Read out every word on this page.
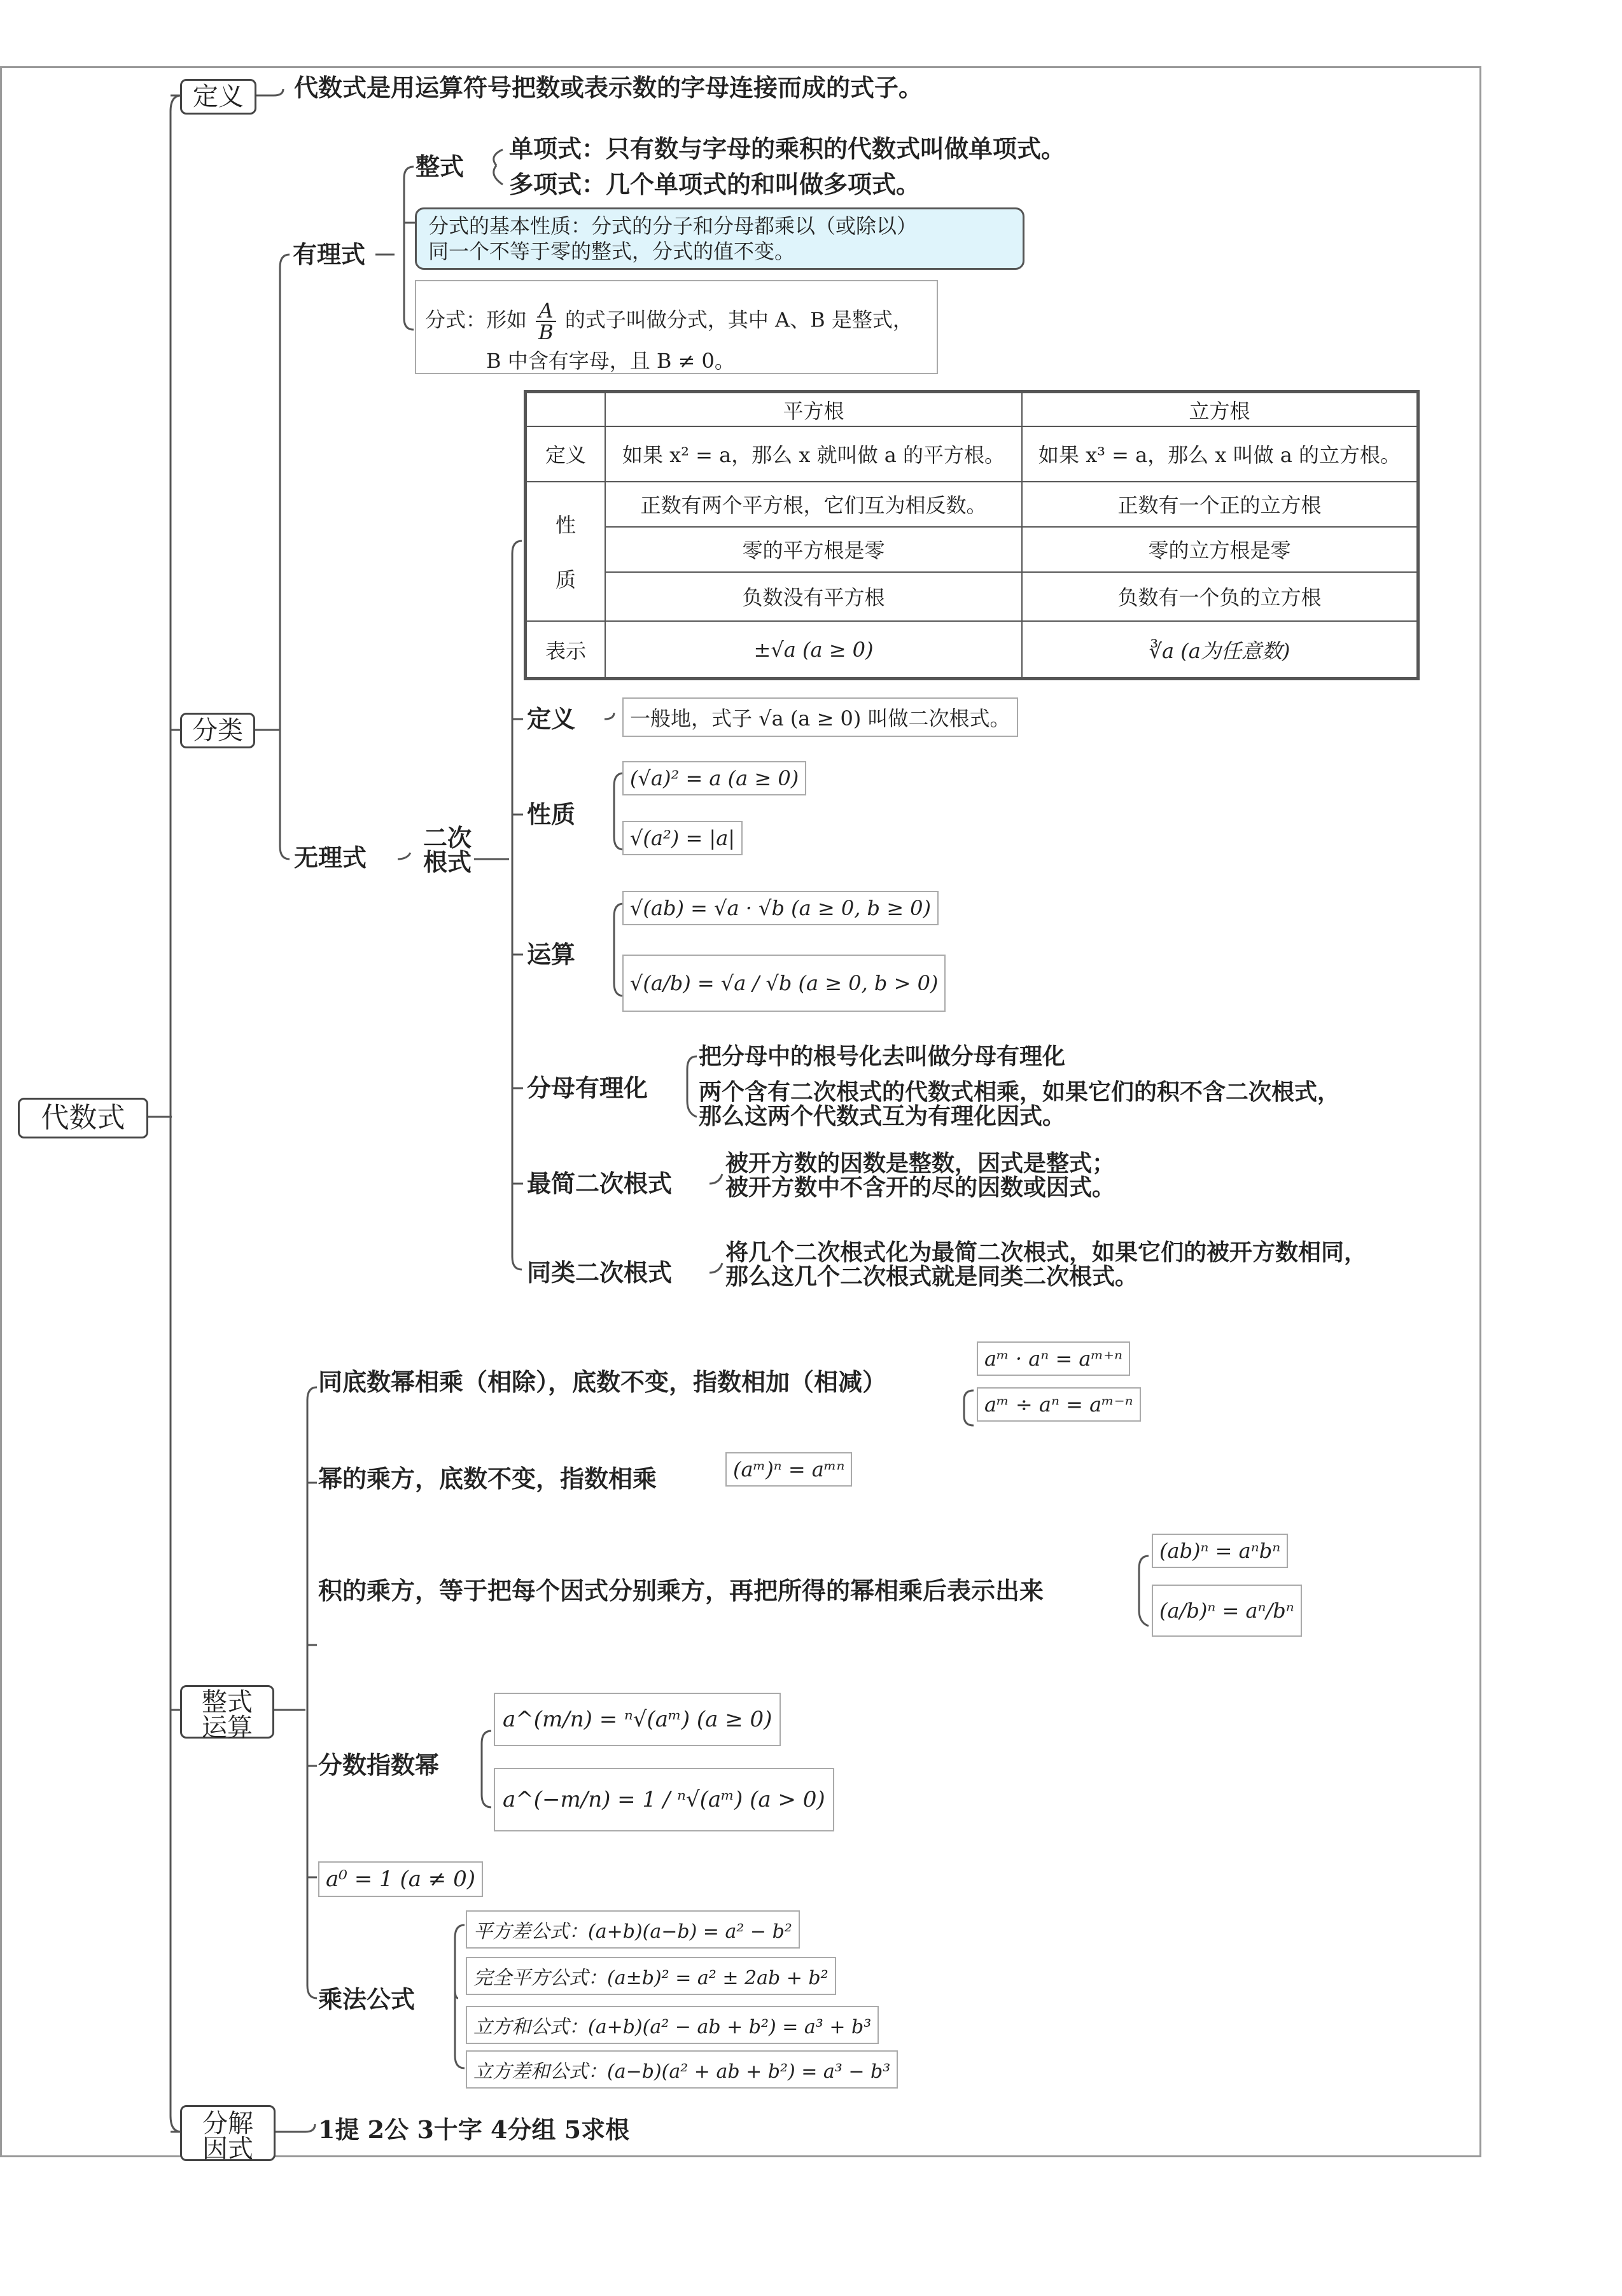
代数式
定义	代数式是用运算符号把数或表示数的字母连接而成的式子。
分类
有理式
整式
单项式：只有数与字母的乘积的代数式叫做单项式。
多项式：几个单项式的和叫做多项式。
分式的基本性质：分式的分子和分母都乘以（或除以）
同一个不等于零的整式，分式的值不变。
分式：形如 $\frac{A}{B}$ 的式子叫做分式，其中 A、B 是整式，
B 中含有字母，且 B ≠ 0。
无理式
二次
根式
	平方根	立方根
定义	如果 x² = a，那么 x 就叫做 a 的平方根。	如果 x³ = a，那么 x 叫做 a 的立方根。

性
质	正数有两个平方根，它们互为相反数。	正数有一个正的立方根
	零的平方根是零	零的立方根是零
	负数没有平方根	负数有一个负的立方根
表示	±√a (a ≥ 0)	∛a (a为任意数)
定义	一般地，式子 √a (a ≥ 0) 叫做二次根式。
性质
(√a)² = a (a ≥ 0)
√(a²) = |a|
运算
√(ab) = √a · √b (a ≥ 0, b ≥ 0)
√(a/b) = √a / √b (a ≥ 0, b > 0)
分母有理化
把分母中的根号化去叫做分母有理化
两个含有二次根式的代数式相乘，如果它们的积不含二次根式，
那么这两个代数式互为有理化因式。
最简二次根式
被开方数的因数是整数，因式是整式；
被开方数中不含开的尽的因数或因式。
同类二次根式
将几个二次根式化为最简二次根式，如果它们的被开方数相同，
那么这几个二次根式就是同类二次根式。
整式
运算
同底数幂相乘（相除），底数不变，指数相加（相减）
aᵐ · aⁿ = aᵐ⁺ⁿ
aᵐ ÷ aⁿ = aᵐ⁻ⁿ
幂的乘方，底数不变，指数相乘	(aᵐ)ⁿ = aᵐⁿ
积的乘方，等于把每个因式分别乘方，再把所得的幂相乘后表示出来
(ab)ⁿ = aⁿbⁿ
(a/b)ⁿ = aⁿ/bⁿ
分数指数幂
a^(m/n) = ⁿ√(aᵐ) (a ≥ 0)
a^(−m/n) = 1 / ⁿ√(aᵐ) (a > 0)
a⁰ = 1 (a ≠ 0)
乘法公式
平方差公式：(a+b)(a−b) = a² − b²
完全平方公式：(a±b)² = a² ± 2ab + b²
立方和公式：(a+b)(a² − ab + b²) = a³ + b³
立方差和公式：(a−b)(a² + ab + b²) = a³ − b³
分解
因式
1提 2公 3十字 4分组 5求根
